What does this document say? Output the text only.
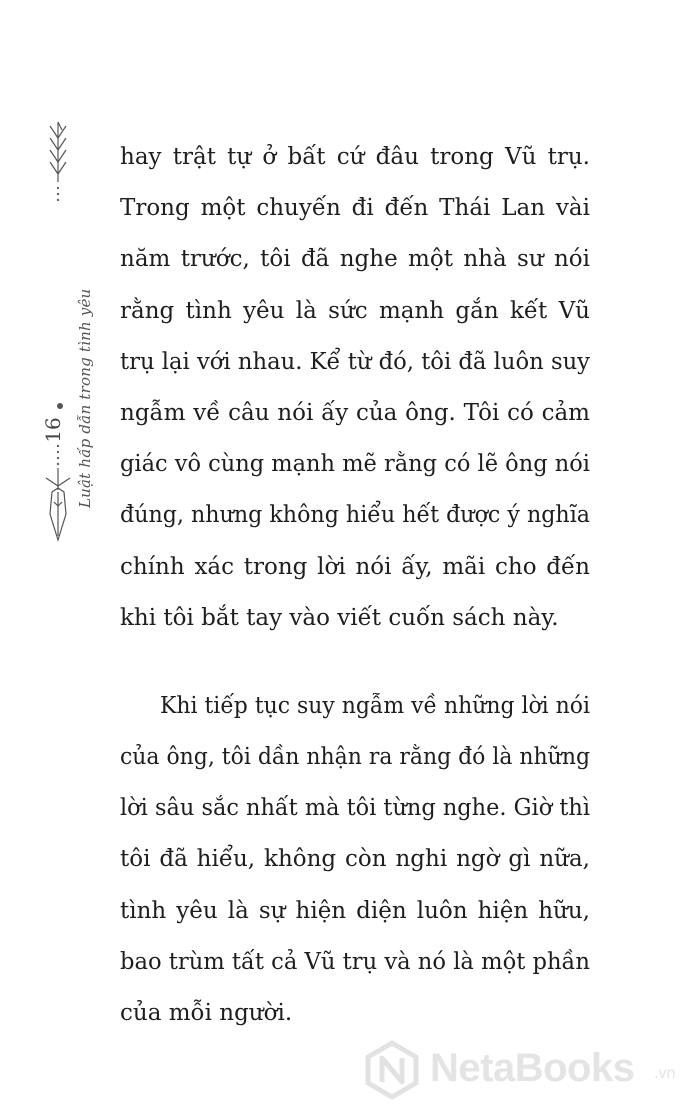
Luật hấp dẫn trong tình yêu
16
hay trật tự ở bất cứ đâu trong Vũ trụ.
Trong một chuyến đi đến Thái Lan vài
năm trước, tôi đã nghe một nhà sư nói
rằng tình yêu là sức mạnh gắn kết Vũ
trụ lại với nhau. Kể từ đó, tôi đã luôn suy
ngẫm về câu nói ấy của ông. Tôi có cảm
giác vô cùng mạnh mẽ rằng có lẽ ông nói
đúng, nhưng không hiểu hết được ý nghĩa
chính xác trong lời nói ấy, mãi cho đến
khi tôi bắt tay vào viết cuốn sách này.
Khi tiếp tục suy ngẫm về những lời nói
của ông, tôi dần nhận ra rằng đó là những
lời sâu sắc nhất mà tôi từng nghe. Giờ thì
tôi đã hiểu, không còn nghi ngờ gì nữa,
tình yêu là sự hiện diện luôn hiện hữu,
bao trùm tất cả Vũ trụ và nó là một phần
của mỗi người.
NetaBooks .vn
